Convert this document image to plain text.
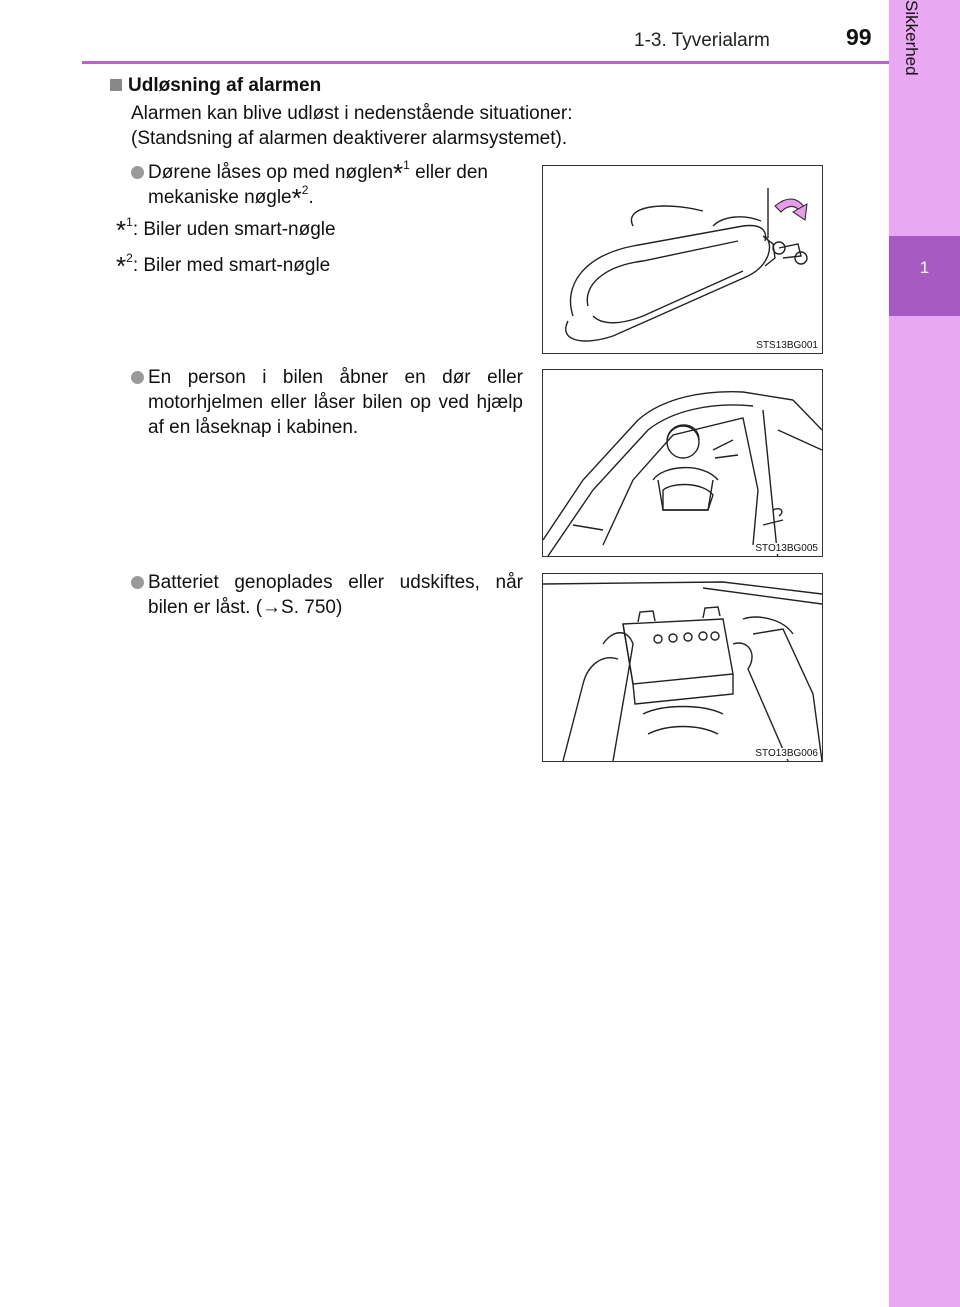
1
Sikkerhed
1-3. Tyverialarm	99
Udløsning af alarmen
Alarmen kan blive udløst i nedenstående situationer:
(Standsning af alarmen deaktiverer alarmsystemet).
Dørene låses op med nøglen$^{*1}$ eller den
mekaniske nøgle$^{*2}$.
$^{*1}$: Biler uden smart-nøgle
$^{*2}$: Biler med smart-nøgle
En person i bilen åbner en dør eller motorhjelmen eller låser bilen op ved hjælp af en låseknap i kabinen.
Batteriet genoplades eller udskiftes, når bilen er låst. (→S. 750)
STS13BG001
STO13BG005
STO13BG006
